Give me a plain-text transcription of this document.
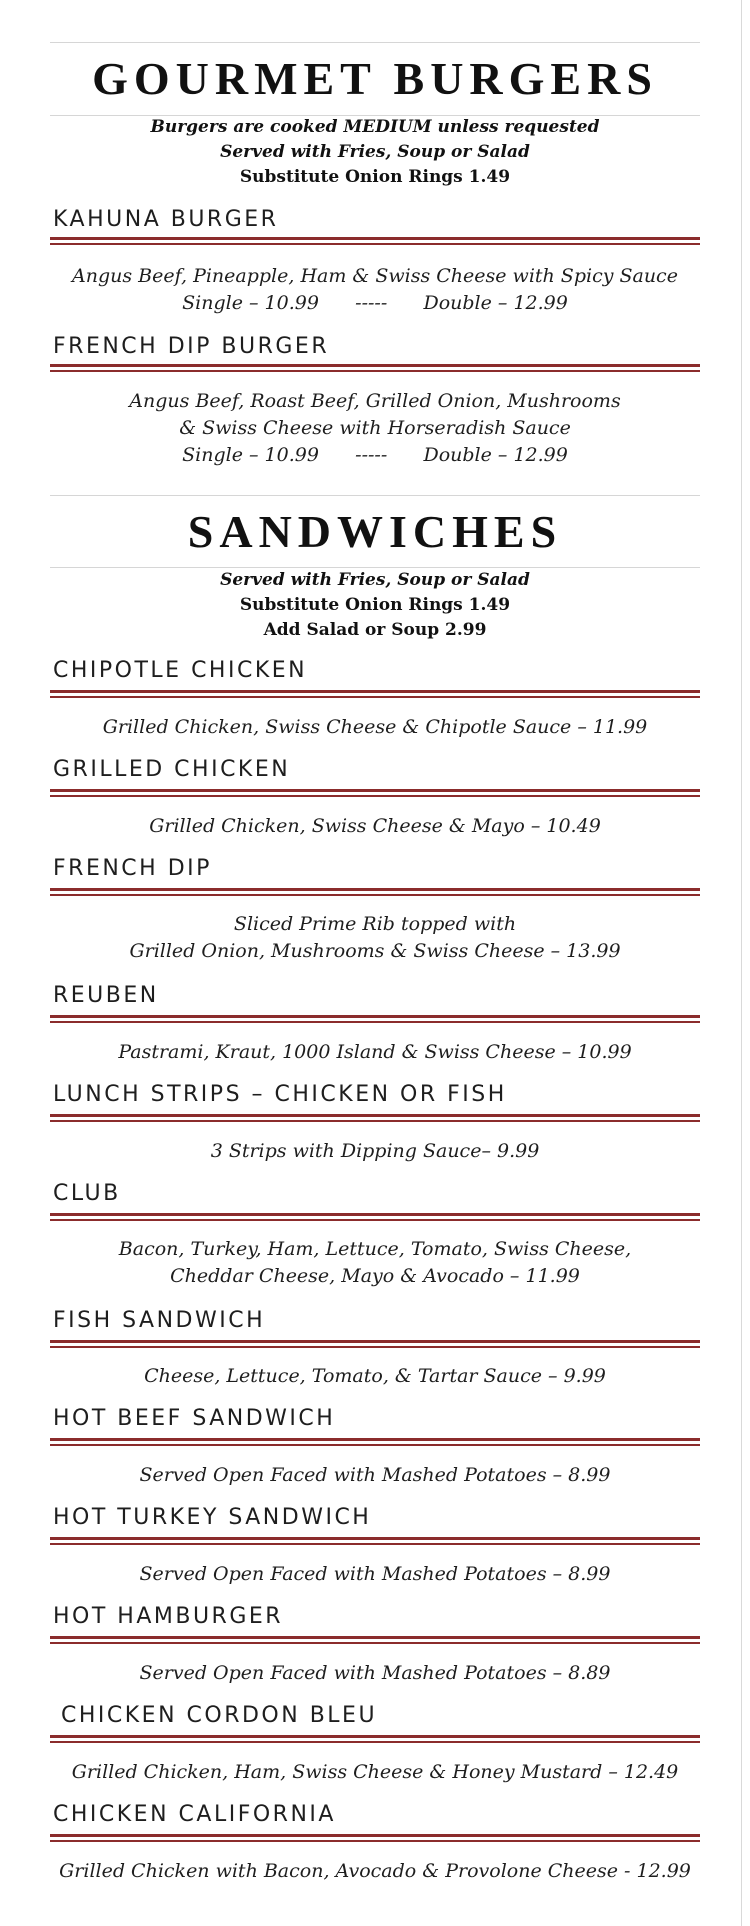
GOURMET BURGERS
Burgers are cooked MEDIUM unless requested
Served with Fries, Soup or Salad
Substitute Onion Rings 1.49
KAHUNA BURGER
Angus Beef, Pineapple, Ham & Swiss Cheese with Spicy Sauce
Single – 10.99      -----      Double – 12.99
FRENCH DIP BURGER
Angus Beef, Roast Beef, Grilled Onion, Mushrooms
& Swiss Cheese with Horseradish Sauce
Single – 10.99      -----      Double – 12.99
SANDWICHES
Served with Fries, Soup or Salad
Substitute Onion Rings 1.49
Add Salad or Soup 2.99
CHIPOTLE CHICKEN
Grilled Chicken, Swiss Cheese & Chipotle Sauce – 11.99
GRILLED CHICKEN
Grilled Chicken, Swiss Cheese & Mayo – 10.49
FRENCH DIP
Sliced Prime Rib topped with
Grilled Onion, Mushrooms & Swiss Cheese – 13.99
REUBEN
Pastrami, Kraut, 1000 Island & Swiss Cheese – 10.99
LUNCH STRIPS – CHICKEN OR FISH
3 Strips with Dipping Sauce– 9.99
CLUB
Bacon, Turkey, Ham, Lettuce, Tomato, Swiss Cheese,
Cheddar Cheese, Mayo & Avocado – 11.99
FISH SANDWICH
Cheese, Lettuce, Tomato, & Tartar Sauce – 9.99
HOT BEEF SANDWICH
Served Open Faced with Mashed Potatoes – 8.99
HOT TURKEY SANDWICH
Served Open Faced with Mashed Potatoes – 8.99
HOT HAMBURGER
Served Open Faced with Mashed Potatoes – 8.89
CHICKEN CORDON BLEU
Grilled Chicken, Ham, Swiss Cheese & Honey Mustard – 12.49
CHICKEN CALIFORNIA
Grilled Chicken with Bacon, Avocado & Provolone Cheese - 12.99
